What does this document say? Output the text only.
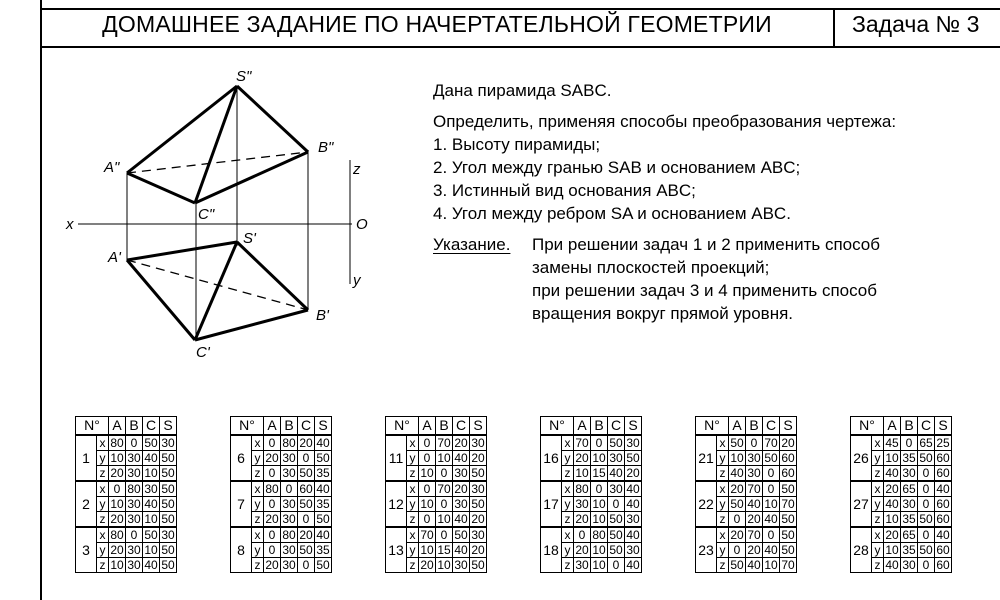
ДОМАШНЕЕ ЗАДАНИЕ ПО НАЧЕРТАТЕЛЬНОЙ ГЕОМЕТРИИ	Задача № 3
S"
B"
A"
C"
x	O
z
y
S'
A'
B'
C'
Дана пирамида SABC.
Определить, применяя способы преобразования чертежа:
1. Высоту пирамиды;
2. Угол между гранью SAB и основанием ABC;
3. Истинный вид основания ABC;
4. Угол между ребром SA и основанием ABC.
Указание. При решении задач 1 и 2 применить способ
замены плоскостей проекций;
при решении задач 3 и 4 применить способ
вращения вокруг прямой уровня.
N°		A	B	C	S
1	x	80	0	50	30
	y	10	30	40	50
	z	20	30	10	50
2	x	0	80	30	50
	y	10	30	40	50
	z	20	30	10	50
3	x	80	0	50	30
	y	20	30	10	50
	z	10	30	40	50
N°		A	B	C	S
6	x	0	80	20	40
	y	20	30	0	50
	z	0	30	50	35
7	x	80	0	60	40
	y	0	30	50	35
	z	20	30	0	50
8	x	0	80	20	40
	y	0	30	50	35
	z	20	30	0	50
N°		A	B	C	S
11	x	0	70	20	30
	y	0	10	40	20
	z	10	0	30	50
12	x	0	70	20	30
	y	10	0	30	50
	z	0	10	40	20
13	x	70	0	50	30
	y	10	15	40	20
	z	20	10	30	50
N°		A	B	C	S
16	x	70	0	50	30
	y	20	10	30	50
	z	10	15	40	20
17	x	80	0	30	40
	y	30	10	0	40
	z	20	10	50	30
18	x	0	80	50	40
	y	20	10	50	30
	z	30	10	0	40
N°		A	B	C	S
21	x	50	0	70	20
	y	10	30	50	60
	z	40	30	0	60
22	x	20	70	0	50
	y	50	40	10	70
	z	0	20	40	50
23	x	20	70	0	50
	y	0	20	40	50
	z	50	40	10	70
N°		A	B	C	S
26	x	45	0	65	25
	y	10	35	50	60
	z	40	30	0	60
27	x	20	65	0	40
	y	40	30	0	60
	z	10	35	50	60
28	x	20	65	0	40
	y	10	35	50	60
	z	40	30	0	60
